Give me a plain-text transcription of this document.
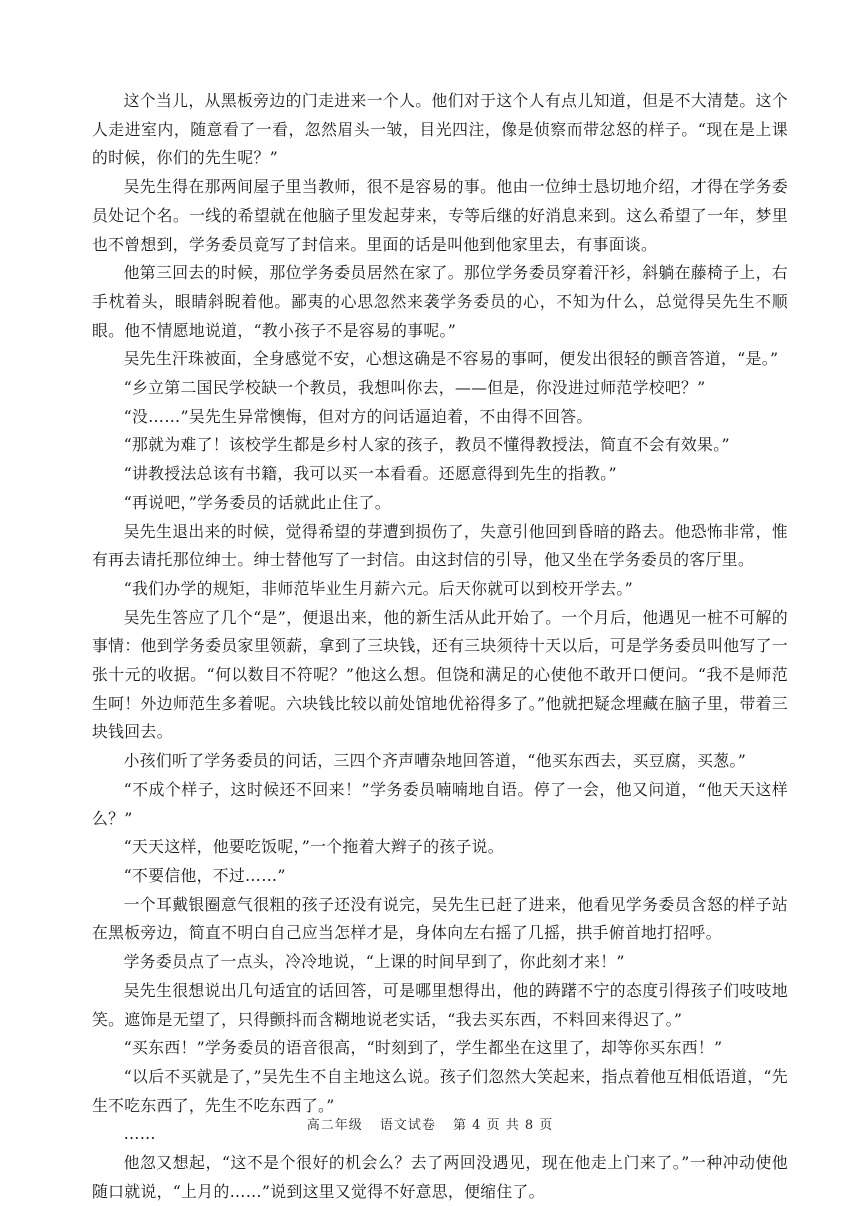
这个当儿，从黑板旁边的门走进来一个人。他们对于这个人有点儿知道，但是不大清楚。这个人走进室内，随意看了一看，忽然眉头一皱，目光四注，像是侦察而带忿怒的样子。“现在是上课的时候，你们的先生呢？”

吴先生得在那两间屋子里当教师，很不是容易的事。他由一位绅士恳切地介绍，才得在学务委员处记个名。一线的希望就在他脑子里发起芽来，专等后继的好消息来到。这么希望了一年，梦里也不曾想到，学务委员竟写了封信来。里面的话是叫他到他家里去，有事面谈。

他第三回去的时候，那位学务委员居然在家了。那位学务委员穿着汗衫，斜躺在藤椅子上，右手枕着头，眼睛斜睨着他。鄙夷的心思忽然来袭学务委员的心，不知为什么，总觉得吴先生不顺眼。他不情愿地说道，“教小孩子不是容易的事呢。”

吴先生汗珠被面，全身感觉不安，心想这确是不容易的事呵，便发出很轻的颤音答道，“是。”

“乡立第二国民学校缺一个教员，我想叫你去，——但是，你没进过师范学校吧？”

“没……”吴先生异常懊悔，但对方的问话逼迫着，不由得不回答。

“那就为难了！该校学生都是乡村人家的孩子，教员不懂得教授法，简直不会有效果。”

“讲教授法总该有书籍，我可以买一本看看。还愿意得到先生的指教。”

“再说吧，”学务委员的话就此止住了。

吴先生退出来的时候，觉得希望的芽遭到损伤了，失意引他回到昏暗的路去。他恐怖非常，惟有再去请托那位绅士。绅士替他写了一封信。由这封信的引导，他又坐在学务委员的客厅里。

“我们办学的规矩，非师范毕业生月薪六元。后天你就可以到校开学去。”

吴先生答应了几个“是”，便退出来，他的新生活从此开始了。一个月后，他遇见一桩不可解的事情：他到学务委员家里领薪，拿到了三块钱，还有三块须待十天以后，可是学务委员叫他写了一张十元的收据。“何以数目不符呢？”他这么想。但饶和满足的心使他不敢开口便问。“我不是师范生呵！外边师范生多着呢。六块钱比较以前处馆地优裕得多了。”他就把疑念埋藏在脑子里，带着三块钱回去。

小孩们听了学务委员的问话，三四个齐声嘈杂地回答道，“他买东西去，买豆腐，买葱。”

“不成个样子，这时候还不回来！”学务委员喃喃地自语。停了一会，他又问道，“他天天这样么？”

“天天这样，他要吃饭呢，”一个拖着大辫子的孩子说。

“不要信他，不过……”

一个耳戴银圈意气很粗的孩子还没有说完，吴先生已赶了进来，他看见学务委员含怒的样子站在黑板旁边，简直不明白自己应当怎样才是，身体向左右摇了几摇，拱手俯首地打招呼。

学务委员点了一点头，冷冷地说，“上课的时间早到了，你此刻才来！”

吴先生很想说出几句适宜的话回答，可是哪里想得出，他的踌躇不宁的态度引得孩子们吱吱地笑。遮饰是无望了，只得颤抖而含糊地说老实话，“我去买东西，不料回来得迟了。”

“买东西！”学务委员的语音很高，“时刻到了，学生都坐在这里了，却等你买东西！”

“以后不买就是了，”吴先生不自主地这么说。孩子们忽然大笑起来，指点着他互相低语道，“先生不吃东西了，先生不吃东西了。”

……

他忽又想起，“这不是个很好的机会么？去了两回没遇见，现在他走上门来了。”一种冲动使他随口就说，“上月的……”说到这里又觉得不好意思，便缩住了。

高二年级 语文试卷 第 4 页 共 8 页
